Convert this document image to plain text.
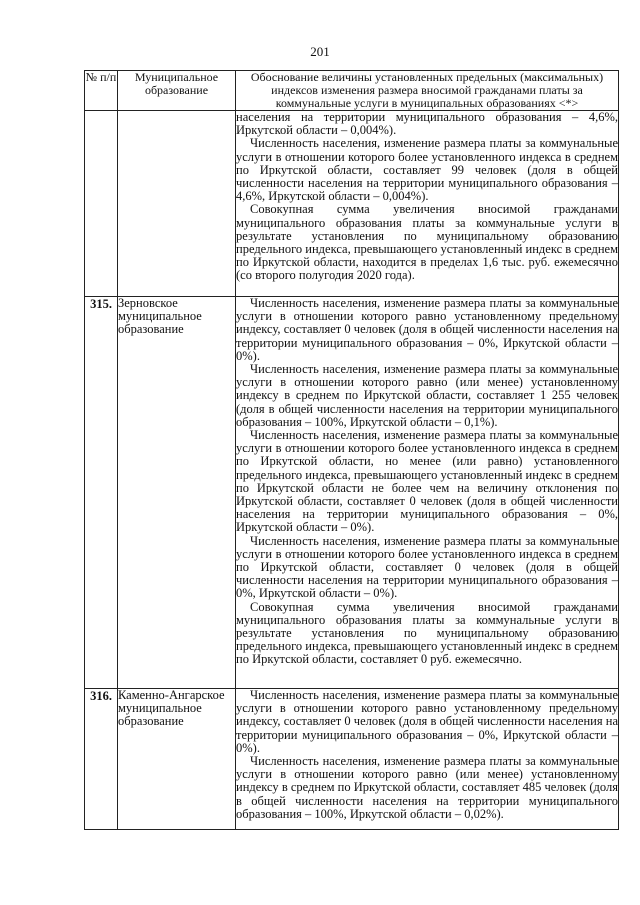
201
№ п/п	Муниципальное образование	Обоснование величины установленных предельных (максимальных) индексов изменения размера вносимой гражданами платы за коммунальные услуги в муниципальных образованиях <*>

		населения на территории муниципального образования – 4,6%, Иркутской области – 0,004%).

Численность населения, изменение размера платы за коммунальные услуги в отношении которого более установленного индекса в среднем по Иркутской области, составляет 99 человек (доля в общей численности населения на территории муниципального образования – 4,6%, Иркутской области – 0,004%).

Совокупная сумма увеличения вносимой гражданами муниципального образования платы за коммунальные услуги в результате установления по муниципальному образованию предельного индекса, превышающего установленный индекс в среднем по Иркутской области, находится в пределах 1,6 тыс. руб. ежемесячно (со второго полугодия 2020 года).

315.	Зерновское муниципальное образование	Численность населения, изменение размера платы за коммунальные услуги в отношении которого равно установленному предельному индексу, составляет 0 человек (доля в общей численности населения на территории муниципального образования – 0%, Иркутской области – 0%).

Численность населения, изменение размера платы за коммунальные услуги в отношении которого равно (или менее) установленному индексу в среднем по Иркутской области, составляет 1 255 человек (доля в общей численности населения на территории муниципального образования – 100%, Иркутской области – 0,1%).

Численность населения, изменение размера платы за коммунальные услуги в отношении которого более установленного индекса в среднем по Иркутской области, но менее (или равно) установленного предельного индекса, превышающего установленный индекс в среднем по Иркутской области не более чем на величину отклонения по Иркутской области, составляет 0 человек (доля в общей численности населения на территории муниципального образования – 0%, Иркутской области – 0%).

Численность населения, изменение размера платы за коммунальные услуги в отношении которого более установленного индекса в среднем по Иркутской области, составляет 0 человек (доля в общей численности населения на территории муниципального образования – 0%, Иркутской области – 0%).

Совокупная сумма увеличения вносимой гражданами муниципального образования платы за коммунальные услуги в результате установления по муниципальному образованию предельного индекса, превышающего установленный индекс в среднем по Иркутской области, составляет 0 руб. ежемесячно.

316.	Каменно-Ангарское муниципальное образование	Численность населения, изменение размера платы за коммунальные услуги в отношении которого равно установленному предельному индексу, составляет 0 человек (доля в общей численности населения на территории муниципального образования – 0%, Иркутской области – 0%).

Численность населения, изменение размера платы за коммунальные услуги в отношении которого равно (или менее) установленному индексу в среднем по Иркутской области, составляет 485 человек (доля в общей численности населения на территории муниципального образования – 100%, Иркутской области – 0,02%).
